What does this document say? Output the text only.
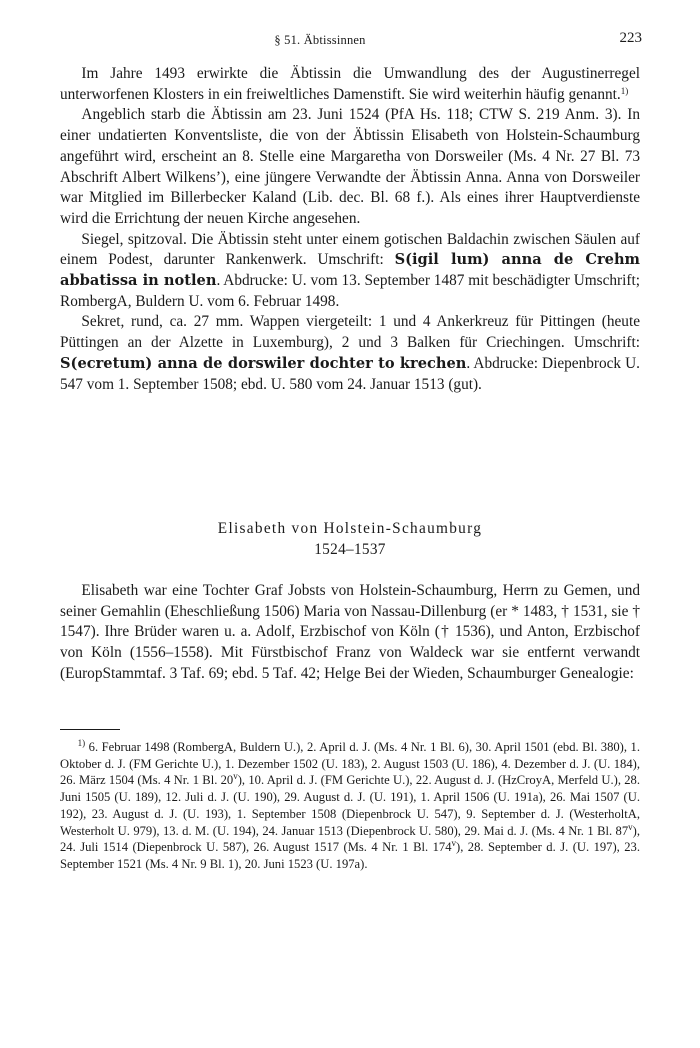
§ 51. Äbtissinnen	223

Im Jahre 1493 erwirkte die Äbtissin die Umwandlung des der Augustinerregel unterworfenen Klosters in ein freiweltliches Damenstift. Sie wird weiterhin häufig genannt.$^{1)}$

Angeblich starb die Äbtissin am 23. Juni 1524 (PfA Hs. 118; CTW S. 219 Anm. 3). In einer undatierten Konventsliste, die von der Äbtissin Elisabeth von Holstein-Schaumburg angeführt wird, erscheint an 8. Stelle eine Margaretha von Dorsweiler (Ms. 4 Nr. 27 Bl. 73 Abschrift Albert Wilkens’), eine jüngere Verwandte der Äbtissin Anna. Anna von Dorsweiler war Mitglied im Billerbecker Kaland (Lib. dec. Bl. 68 f.). Als eines ihrer Hauptverdienste wird die Errichtung der neuen Kirche angesehen.

Siegel, spitzoval. Die Äbtissin steht unter einem gotischen Baldachin zwischen Säulen auf einem Podest, darunter Rankenwerk. Umschrift: S(igil lum) anna de Crehm abbatissa in notlen. Abdrucke: U. vom 13. September 1487 mit beschädigter Umschrift; RombergA, Buldern U. vom 6. Februar 1498.

Sekret, rund, ca. 27 mm. Wappen viergeteilt: 1 und 4 Ankerkreuz für Pittingen (heute Püttingen an der Alzette in Luxemburg), 2 und 3 Balken für Criechingen. Umschrift: S(ecretum) anna de dorswiler dochter to krechen. Abdrucke: Diepenbrock U. 547 vom 1. September 1508; ebd. U. 580 vom 24. Januar 1513 (gut).

Elisabeth von Holstein-Schaumburg
1524–1537

Elisabeth war eine Tochter Graf Jobsts von Holstein-Schaumburg, Herrn zu Gemen, und seiner Gemahlin (Eheschließung 1506) Maria von Nassau-Dillenburg (er * 1483, † 1531, sie † 1547). Ihre Brüder waren u. a. Adolf, Erzbischof von Köln († 1536), und Anton, Erzbischof von Köln (1556–1558). Mit Fürstbischof Franz von Waldeck war sie entfernt verwandt (EuropStammtaf. 3 Taf. 69; ebd. 5 Taf. 42; Helge Bei der Wieden, Schaumburger Genealogie:

$^{1)}$ 6. Februar 1498 (RombergA, Buldern U.), 2. April d. J. (Ms. 4 Nr. 1 Bl. 6), 30. April 1501 (ebd. Bl. 380), 1. Oktober d. J. (FM Gerichte U.), 1. Dezember 1502 (U. 183), 2. August 1503 (U. 186), 4. Dezember d. J. (U. 184), 26. März 1504 (Ms. 4 Nr. 1 Bl. 20$^v$), 10. April d. J. (FM Gerichte U.), 22. August d. J. (HzCroyA, Merfeld U.), 28. Juni 1505 (U. 189), 12. Juli d. J. (U. 190), 29. August d. J. (U. 191), 1. April 1506 (U. 191a), 26. Mai 1507 (U. 192), 23. August d. J. (U. 193), 1. September 1508 (Diepenbrock U. 547), 9. September d. J. (WesterholtA, Westerholt U. 979), 13. d. M. (U. 194), 24. Januar 1513 (Diepenbrock U. 580), 29. Mai d. J. (Ms. 4 Nr. 1 Bl. 87$^v$), 24. Juli 1514 (Diepenbrock U. 587), 26. August 1517 (Ms. 4 Nr. 1 Bl. 174$^v$), 28. September d. J. (U. 197), 23. September 1521 (Ms. 4 Nr. 9 Bl. 1), 20. Juni 1523 (U. 197a).
